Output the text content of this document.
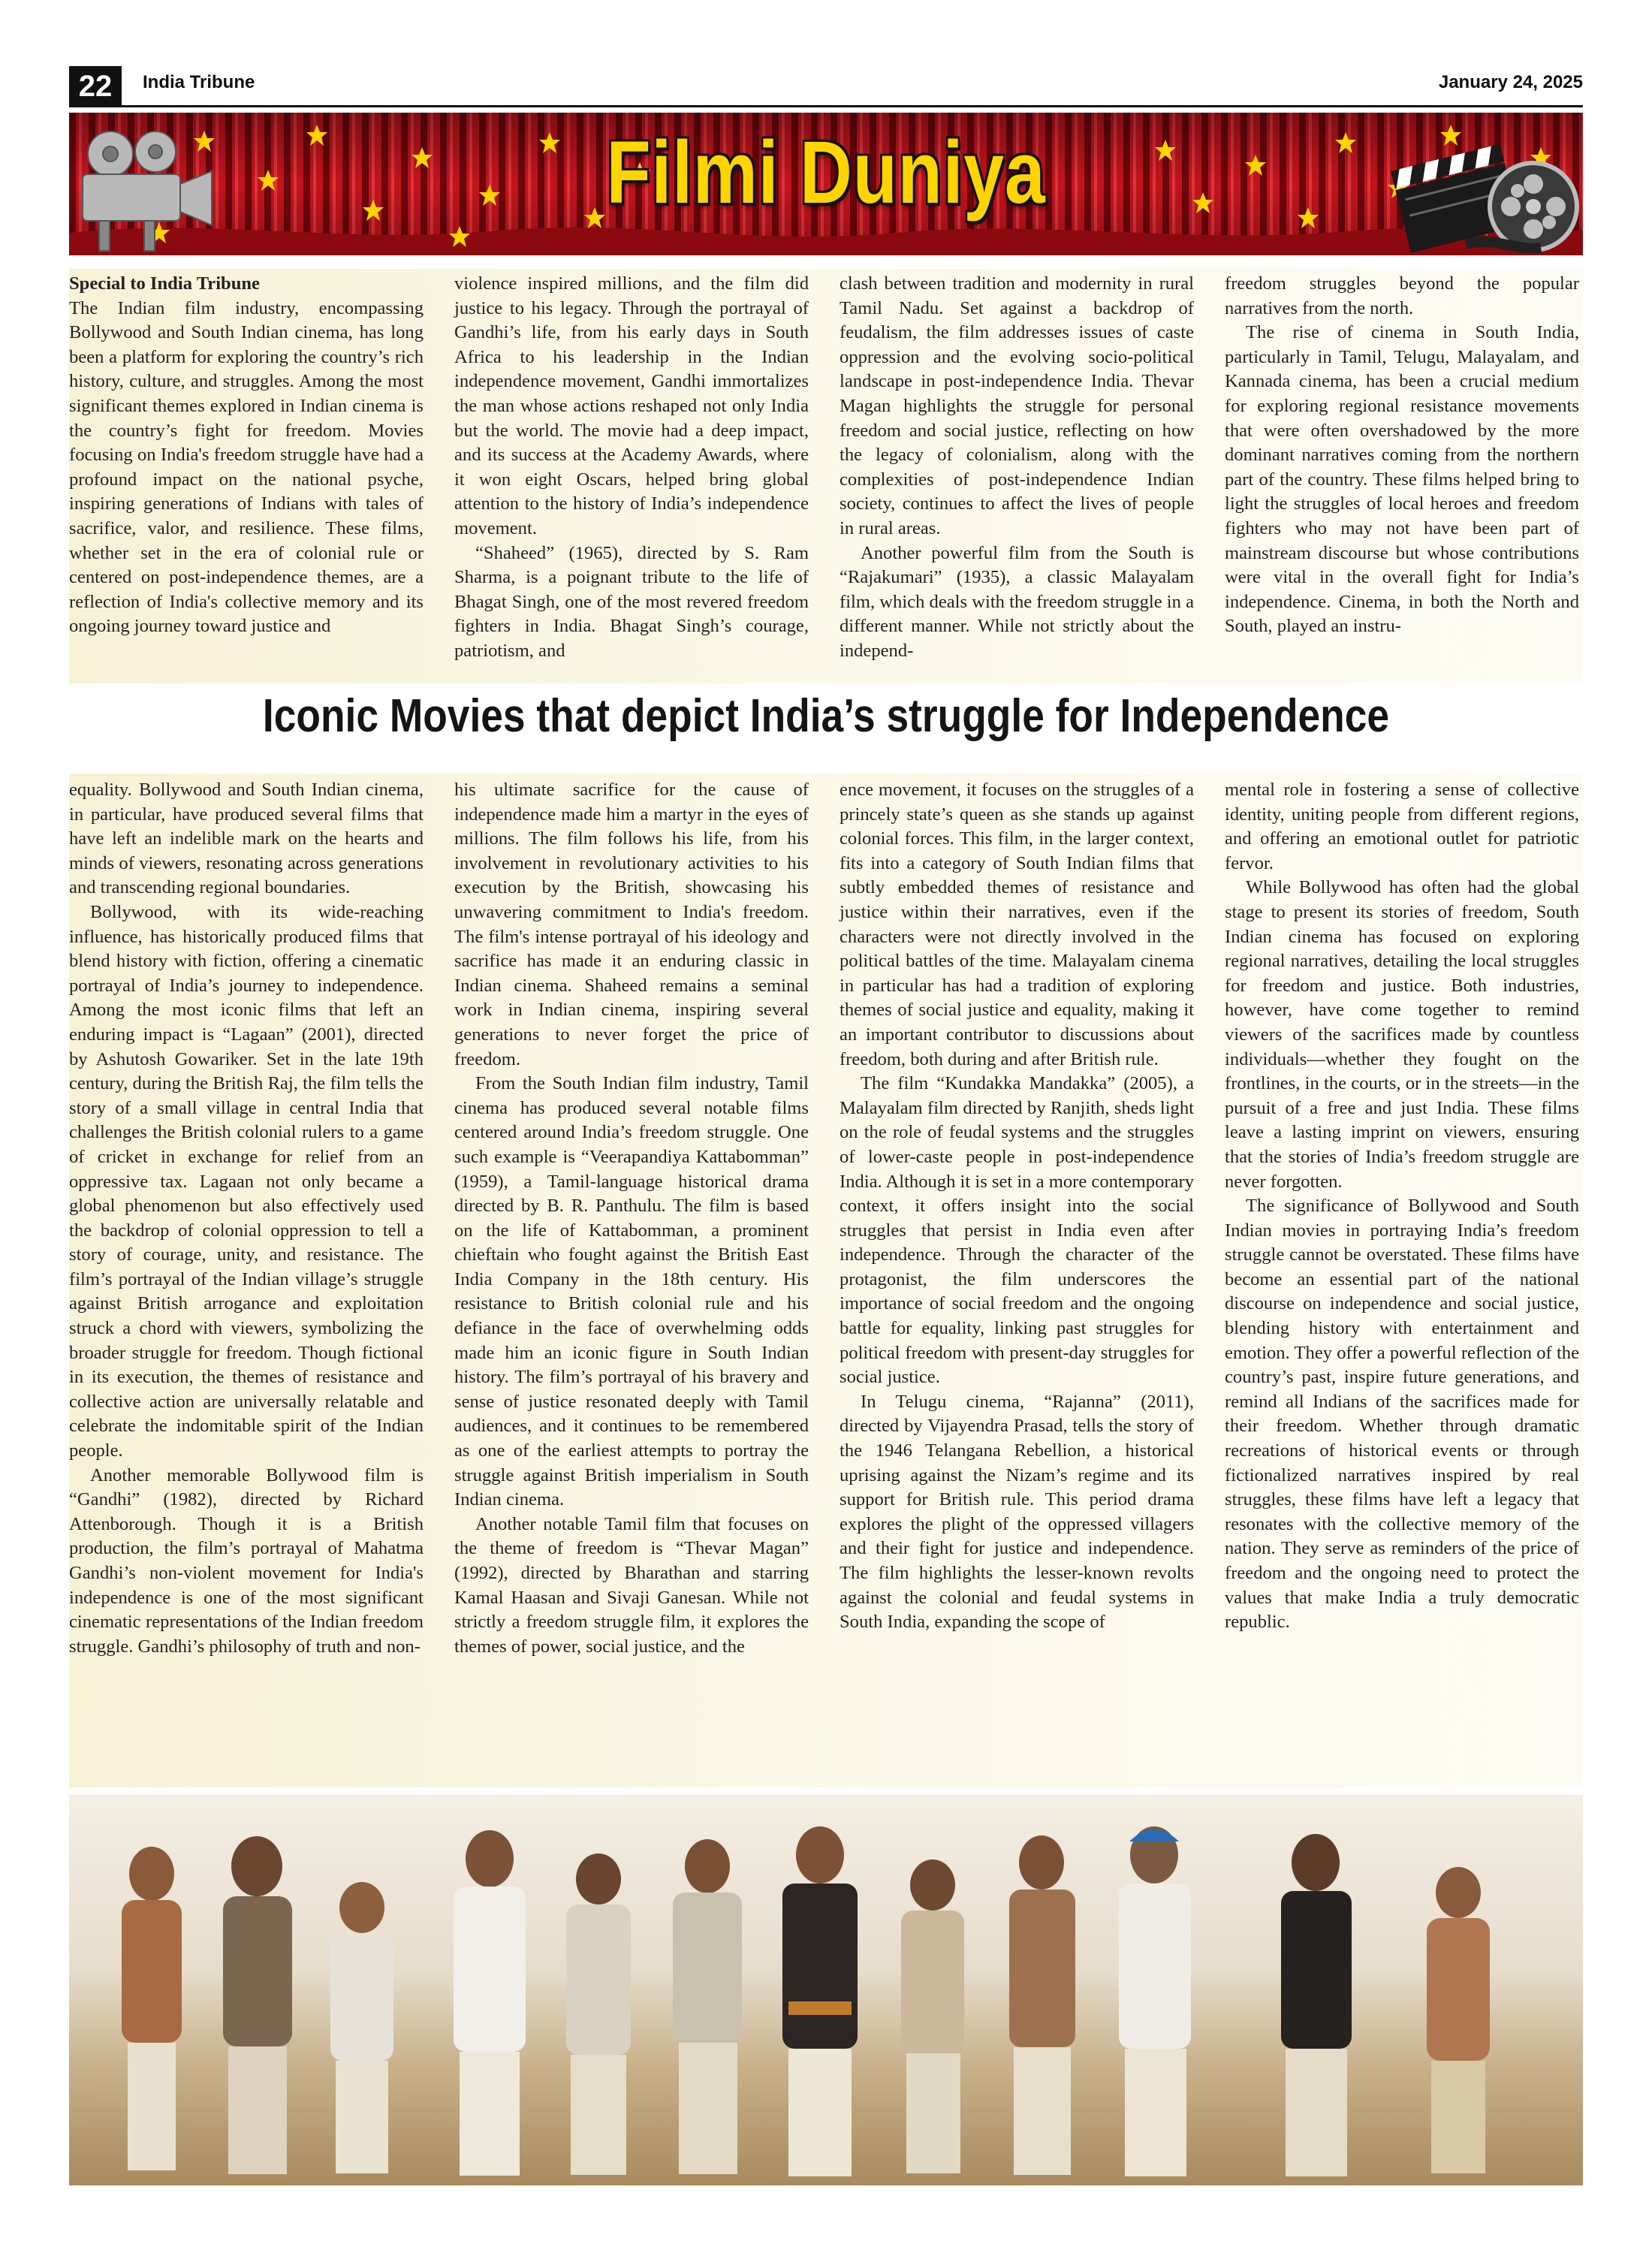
22	India Tribune	January 24, 2025
Filmi Duniya
Special to India Tribune

The Indian film industry, encompassing Bollywood and South Indian cinema, has long been a platform for exploring the country’s rich history, culture, and struggles. Among the most significant themes explored in Indian cinema is the country’s fight for freedom. Movies focusing on India's freedom struggle have had a profound impact on the national psyche, inspiring generations of Indians with tales of sacrifice, valor, and resilience. These films, whether set in the era of colonial rule or centered on post-independence themes, are a reflection of India's collective memory and its ongoing journey toward justice and

violence inspired millions, and the film did justice to his legacy. Through the portrayal of Gandhi’s life, from his early days in South Africa to his leadership in the Indian independence movement, Gandhi immortalizes the man whose actions reshaped not only India but the world. The movie had a deep impact, and its success at the Academy Awards, where it won eight Oscars, helped bring global attention to the history of India’s independence movement.

“Shaheed” (1965), directed by S. Ram Sharma, is a poignant tribute to the life of Bhagat Singh, one of the most revered freedom fighters in India. Bhagat Singh’s courage, patriotism, and

clash between tradition and modernity in rural Tamil Nadu. Set against a backdrop of feudalism, the film addresses issues of caste oppression and the evolving socio-political landscape in post-independence India. Thevar Magan highlights the struggle for personal freedom and social justice, reflecting on how the legacy of colonialism, along with the complexities of post-independence Indian society, continues to affect the lives of people in rural areas.

Another powerful film from the South is “Rajakumari” (1935), a classic Malayalam film, which deals with the freedom struggle in a different manner. While not strictly about the independ-

freedom struggles beyond the popular narratives from the north.

The rise of cinema in South India, particularly in Tamil, Telugu, Malayalam, and Kannada cinema, has been a crucial medium for exploring regional resistance movements that were often overshadowed by the more dominant narratives coming from the northern part of the country. These films helped bring to light the struggles of local heroes and freedom fighters who may not have been part of mainstream discourse but whose contributions were vital in the overall fight for India’s independence. Cinema, in both the North and South, played an instru-

Iconic Movies that depict India’s struggle for Independence

equality. Bollywood and South Indian cinema, in particular, have produced several films that have left an indelible mark on the hearts and minds of viewers, resonating across generations and transcending regional boundaries.

Bollywood, with its wide-reaching influence, has historically produced films that blend history with fiction, offering a cinematic portrayal of India’s journey to independence. Among the most iconic films that left an enduring impact is “Lagaan” (2001), directed by Ashutosh Gowariker. Set in the late 19th century, during the British Raj, the film tells the story of a small village in central India that challenges the British colonial rulers to a game of cricket in exchange for relief from an oppressive tax. Lagaan not only became a global phenomenon but also effectively used the backdrop of colonial oppression to tell a story of courage, unity, and resistance. The film’s portrayal of the Indian village’s struggle against British arrogance and exploitation struck a chord with viewers, symbolizing the broader struggle for freedom. Though fictional in its execution, the themes of resistance and collective action are universally relatable and celebrate the indomitable spirit of the Indian people.

Another memorable Bollywood film is “Gandhi” (1982), directed by Richard Attenborough. Though it is a British production, the film’s portrayal of Mahatma Gandhi’s non-violent movement for India's independence is one of the most significant cinematic representations of the Indian freedom struggle. Gandhi’s philosophy of truth and non-

his ultimate sacrifice for the cause of independence made him a martyr in the eyes of millions. The film follows his life, from his involvement in revolutionary activities to his execution by the British, showcasing his unwavering commitment to India's freedom. The film's intense portrayal of his ideology and sacrifice has made it an enduring classic in Indian cinema. Shaheed remains a seminal work in Indian cinema, inspiring several generations to never forget the price of freedom.

From the South Indian film industry, Tamil cinema has produced several notable films centered around India’s freedom struggle. One such example is “Veerapandiya Kattabomman” (1959), a Tamil-language historical drama directed by B. R. Panthulu. The film is based on the life of Kattabomman, a prominent chieftain who fought against the British East India Company in the 18th century. His resistance to British colonial rule and his defiance in the face of overwhelming odds made him an iconic figure in South Indian history. The film’s portrayal of his bravery and sense of justice resonated deeply with Tamil audiences, and it continues to be remembered as one of the earliest attempts to portray the struggle against British imperialism in South Indian cinema.

Another notable Tamil film that focuses on the theme of freedom is “Thevar Magan” (1992), directed by Bharathan and starring Kamal Haasan and Sivaji Ganesan. While not strictly a freedom struggle film, it explores the themes of power, social justice, and the

ence movement, it focuses on the struggles of a princely state’s queen as she stands up against colonial forces. This film, in the larger context, fits into a category of South Indian films that subtly embedded themes of resistance and justice within their narratives, even if the characters were not directly involved in the political battles of the time. Malayalam cinema in particular has had a tradition of exploring themes of social justice and equality, making it an important contributor to discussions about freedom, both during and after British rule.

The film “Kundakka Mandakka” (2005), a Malayalam film directed by Ranjith, sheds light on the role of feudal systems and the struggles of lower-caste people in post-independence India. Although it is set in a more contemporary context, it offers insight into the social struggles that persist in India even after independence. Through the character of the protagonist, the film underscores the importance of social freedom and the ongoing battle for equality, linking past struggles for political freedom with present-day struggles for social justice.

In Telugu cinema, “Rajanna” (2011), directed by Vijayendra Prasad, tells the story of the 1946 Telangana Rebellion, a historical uprising against the Nizam’s regime and its support for British rule. This period drama explores the plight of the oppressed villagers and their fight for justice and independence. The film highlights the lesser-known revolts against the colonial and feudal systems in South India, expanding the scope of

mental role in fostering a sense of collective identity, uniting people from different regions, and offering an emotional outlet for patriotic fervor.

While Bollywood has often had the global stage to present its stories of freedom, South Indian cinema has focused on exploring regional narratives, detailing the local struggles for freedom and justice. Both industries, however, have come together to remind viewers of the sacrifices made by countless individuals—whether they fought on the frontlines, in the courts, or in the streets—in the pursuit of a free and just India. These films leave a lasting imprint on viewers, ensuring that the stories of India’s freedom struggle are never forgotten.

The significance of Bollywood and South Indian movies in portraying India’s freedom struggle cannot be overstated. These films have become an essential part of the national discourse on independence and social justice, blending history with entertainment and emotion. They offer a powerful reflection of the country’s past, inspire future generations, and remind all Indians of the sacrifices made for their freedom. Whether through dramatic recreations of historical events or through fictionalized narratives inspired by real struggles, these films have left a legacy that resonates with the collective memory of the nation. They serve as reminders of the price of freedom and the ongoing need to protect the values that make India a truly democratic republic.
